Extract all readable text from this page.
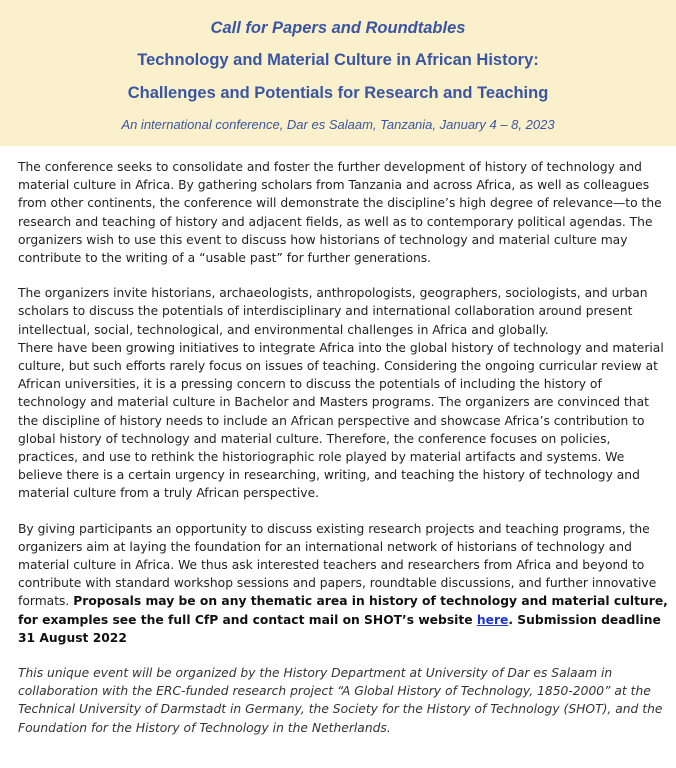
Call for Papers and Roundtables
Technology and Material Culture in African History:
Challenges and Potentials for Research and Teaching
An international conference, Dar es Salaam, Tanzania, January 4 – 8, 2023

The conference seeks to consolidate and foster the further development of history of technology and material culture in Africa. By gathering scholars from Tanzania and across Africa, as well as colleagues from other continents, the conference will demonstrate the discipline’s high degree of relevance—to the research and teaching of history and adjacent fields, as well as to contemporary political agendas. The organizers wish to use this event to discuss how historians of technology and material culture may contribute to the writing of a “usable past” for further generations.

The organizers invite historians, archaeologists, anthropologists, geographers, sociologists, and urban scholars to discuss the potentials of interdisciplinary and international collaboration around present intellectual, social, technological, and environmental challenges in Africa and globally.

There have been growing initiatives to integrate Africa into the global history of technology and material culture, but such efforts rarely focus on issues of teaching. Considering the ongoing curricular review at African universities, it is a pressing concern to discuss the potentials of including the history of technology and material culture in Bachelor and Masters programs. The organizers are convinced that the discipline of history needs to include an African perspective and showcase Africa’s contribution to global history of technology and material culture. Therefore, the conference focuses on policies, practices, and use to rethink the historiographic role played by material artifacts and systems. We believe there is a certain urgency in researching, writing, and teaching the history of technology and material culture from a truly African perspective.

By giving participants an opportunity to discuss existing research projects and teaching programs, the organizers aim at laying the foundation for an international network of historians of technology and material culture in Africa. We thus ask interested teachers and researchers from Africa and beyond to contribute with standard workshop sessions and papers, roundtable discussions, and further innovative formats. Proposals may be on any thematic area in history of technology and material culture, for examples see the full CfP and contact mail on SHOT’s website here. Submission deadline 31 August 2022

This unique event will be organized by the History Department at University of Dar es Salaam in collaboration with the ERC-funded research project “A Global History of Technology, 1850-2000” at the Technical University of Darmstadt in Germany, the Society for the History of Technology (SHOT), and the Foundation for the History of Technology in the Netherlands.
